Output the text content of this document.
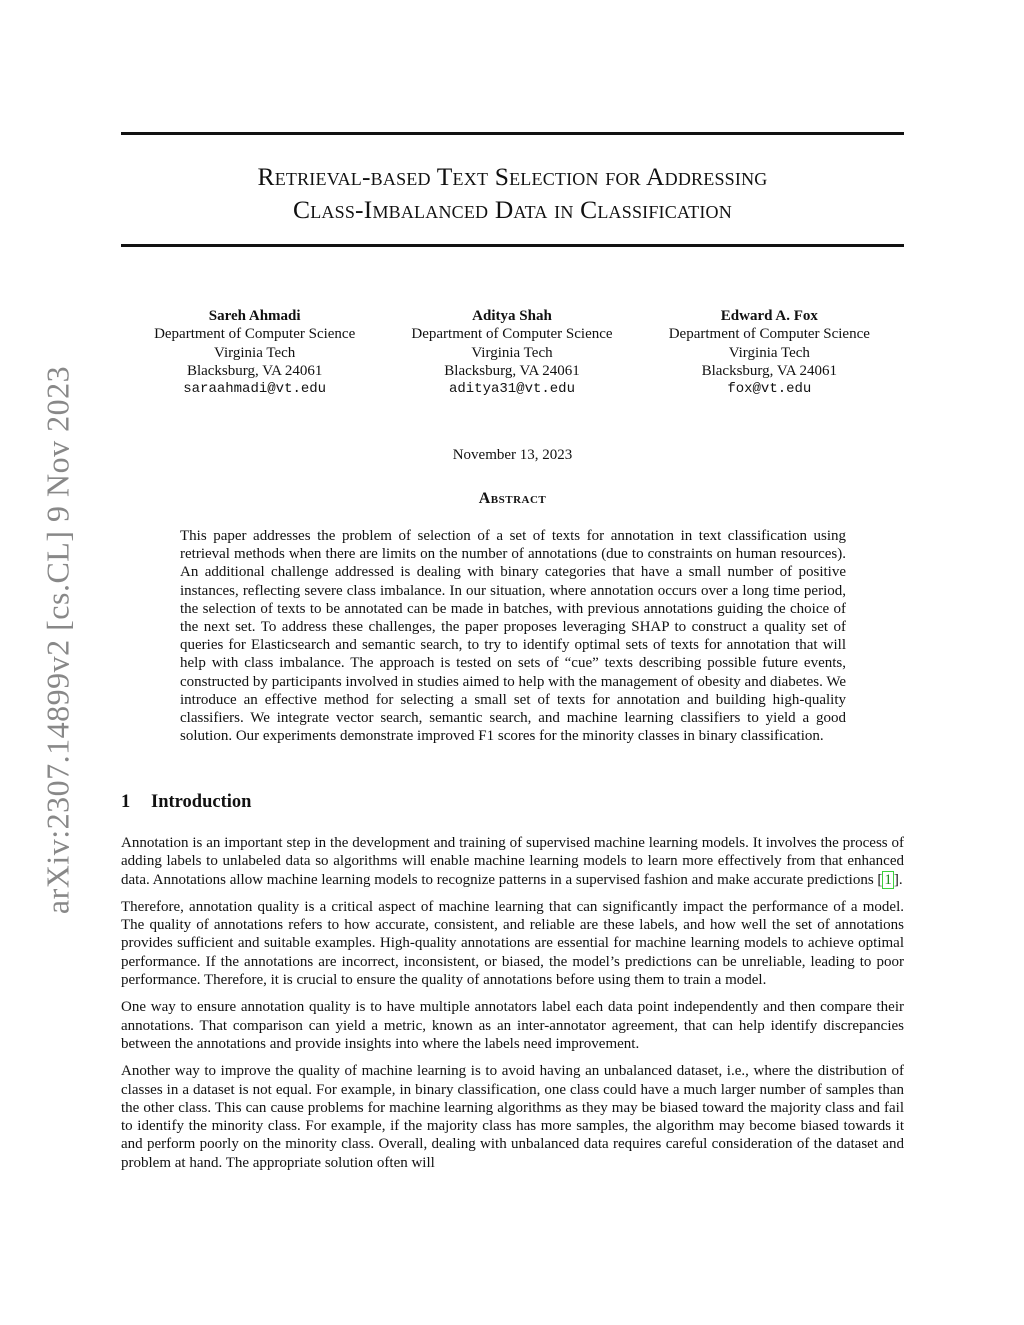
Retrieval-based Text Selection for Addressing
Class-Imbalanced Data in Classification
arXiv:2307.14899v2 [cs.CL] 9 Nov 2023
Sareh Ahmadi
Department of Computer Science
Virginia Tech
Blacksburg, VA 24061
saraahmadi@vt.edu
Aditya Shah
Department of Computer Science
Virginia Tech
Blacksburg, VA 24061
aditya31@vt.edu
Edward A. Fox
Department of Computer Science
Virginia Tech
Blacksburg, VA 24061
fox@vt.edu
November 13, 2023
Abstract
This paper addresses the problem of selection of a set of texts for annotation in text classification using retrieval methods when there are limits on the number of annotations (due to constraints on human resources). An additional challenge addressed is dealing with binary categories that have a small number of positive instances, reflecting severe class imbalance. In our situation, where annotation occurs over a long time period, the selection of texts to be annotated can be made in batches, with previous annotations guiding the choice of the next set. To address these challenges, the paper proposes leveraging SHAP to construct a quality set of queries for Elasticsearch and semantic search, to try to identify optimal sets of texts for annotation that will help with class imbalance. The approach is tested on sets of “cue” texts describing possible future events, constructed by participants involved in studies aimed to help with the management of obesity and diabetes. We introduce an effective method for selecting a small set of texts for annotation and building high-quality classifiers. We integrate vector search, semantic search, and machine learning classifiers to yield a good solution. Our experiments demonstrate improved F1 scores for the minority classes in binary classification.
1 Introduction

Annotation is an important step in the development and training of supervised machine learning models. It involves the process of adding labels to unlabeled data so algorithms will enable machine learning models to learn more effectively from that enhanced data. Annotations allow machine learning models to recognize patterns in a supervised fashion and make accurate predictions [ 1 ].

Therefore, annotation quality is a critical aspect of machine learning that can significantly impact the performance of a model. The quality of annotations refers to how accurate, consistent, and reliable are these labels, and how well the set of annotations provides sufficient and suitable examples. High-quality annotations are essential for machine learning models to achieve optimal performance. If the annotations are incorrect, inconsistent, or biased, the model’s predictions can be unreliable, leading to poor performance. Therefore, it is crucial to ensure the quality of annotations before using them to train a model.

One way to ensure annotation quality is to have multiple annotators label each data point independently and then compare their annotations. That comparison can yield a metric, known as an inter-annotator agreement, that can help identify discrepancies between the annotations and provide insights into where the labels need improvement.

Another way to improve the quality of machine learning is to avoid having an unbalanced dataset, i.e., where the distribution of classes in a dataset is not equal. For example, in binary classification, one class could have a much larger number of samples than the other class. This can cause problems for machine learning algorithms as they may be biased toward the majority class and fail to identify the minority class. For example, if the majority class has more samples, the algorithm may become biased towards it and perform poorly on the minority class. Overall, dealing with unbalanced data requires careful consideration of the dataset and problem at hand. The appropriate solution often will
